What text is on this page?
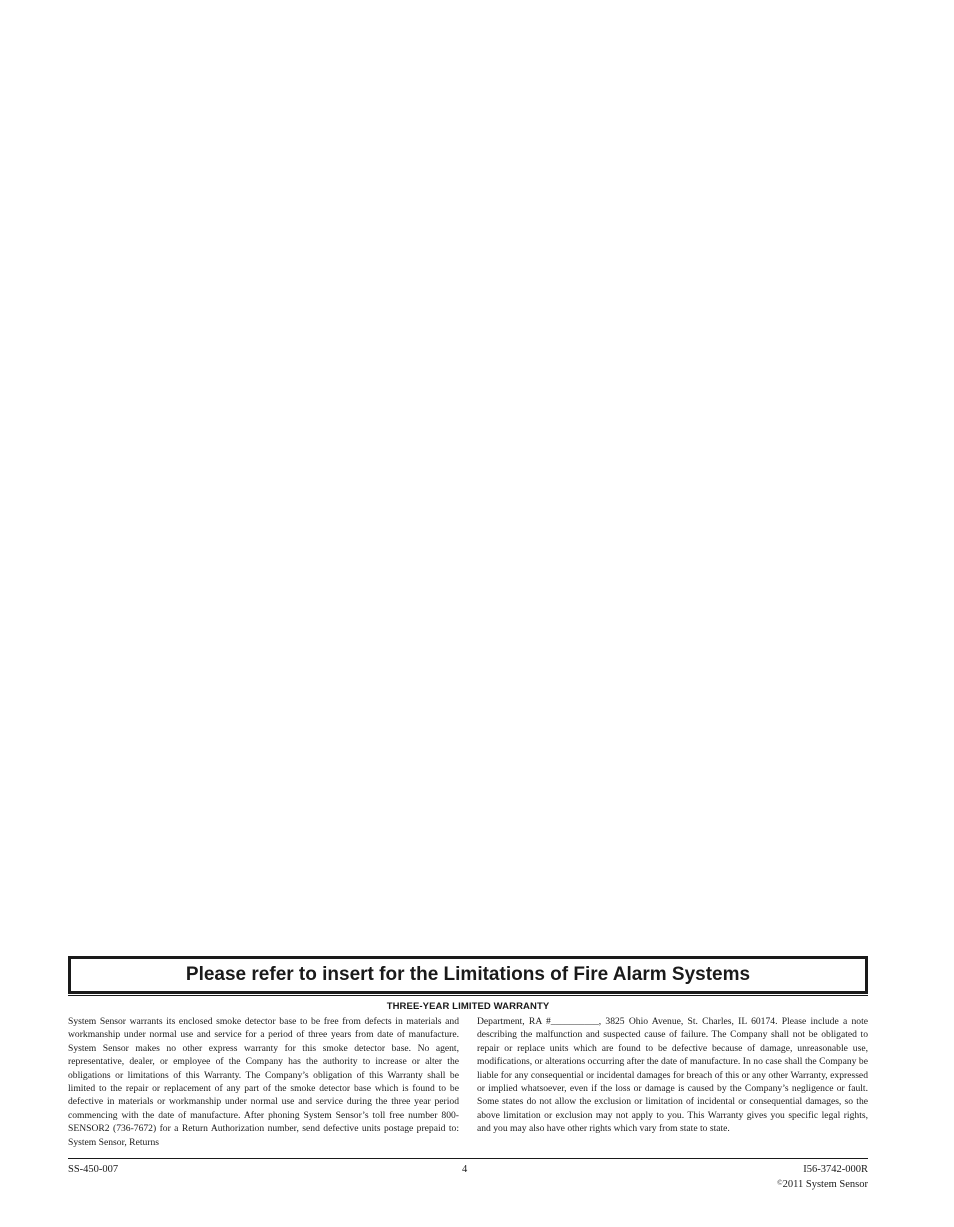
Please refer to insert for the Limitations of Fire Alarm Systems
THREE-YEAR LIMITED WARRANTY
System Sensor warrants its enclosed smoke detector base to be free from defects in materials and workmanship under normal use and service for a period of three years from date of manufacture. System Sensor makes no other express warranty for this smoke detector base. No agent, representative, dealer, or employee of the Company has the authority to increase or alter the obligations or limitations of this Warranty. The Company’s obligation of this Warranty shall be limited to the repair or replacement of any part of the smoke detector base which is found to be defective in materials or workmanship under normal use and service during the three year period commencing with the date of manufacture. After phoning System Sensor’s toll free number 800-SENSOR2 (736-7672) for a Return Authorization number, send defective units postage prepaid to: System Sensor, Returns
Department, RA #__________, 3825 Ohio Avenue, St. Charles, IL 60174. Please include a note describing the malfunction and suspected cause of failure. The Company shall not be obligated to repair or replace units which are found to be defective because of damage, unreasonable use, modifications, or alterations occurring after the date of manufacture. In no case shall the Company be liable for any consequential or incidental damages for breach of this or any other Warranty, expressed or implied whatsoever, even if the loss or damage is caused by the Company’s negligence or fault. Some states do not allow the exclusion or limitation of incidental or consequential damages, so the above limitation or exclusion may not apply to you. This Warranty gives you specific legal rights, and you may also have other rights which vary from state to state.
SS-450-007	4	I56-3742-000R
©2011 System Sensor
